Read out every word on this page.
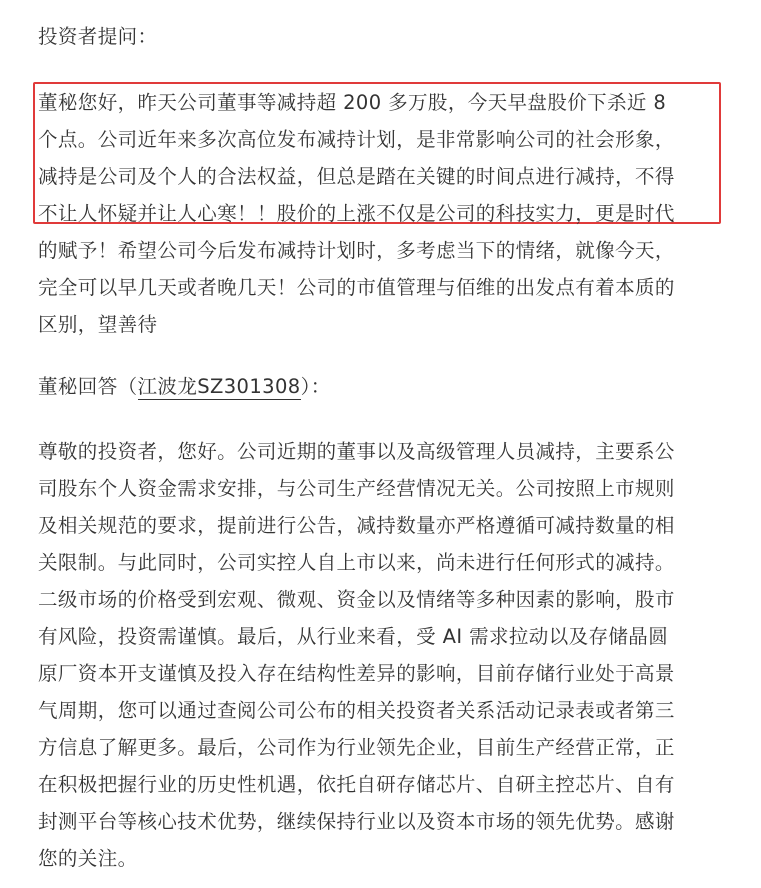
投资者提问：
董秘您好，昨天公司董事等减持超 200 多万股，今天早盘股价下杀近 8
个点。公司近年来多次高位发布减持计划，是非常影响公司的社会形象，
减持是公司及个人的合法权益，但总是踏在关键的时间点进行减持，不得
不让人怀疑并让人心寒！！股价的上涨不仅是公司的科技实力，更是时代
的赋予！希望公司今后发布减持计划时，多考虑当下的情绪，就像今天，
完全可以早几天或者晚几天！公司的市值管理与佰维的出发点有着本质的
区别，望善待
董秘回答（江波龙SZ301308）：
尊敬的投资者，您好。公司近期的董事以及高级管理人员减持，主要系公
司股东个人资金需求安排，与公司生产经营情况无关。公司按照上市规则
及相关规范的要求，提前进行公告，减持数量亦严格遵循可减持数量的相
关限制。与此同时，公司实控人自上市以来，尚未进行任何形式的减持。
二级市场的价格受到宏观、微观、资金以及情绪等多种因素的影响，股市
有风险，投资需谨慎。最后，从行业来看，受 AI 需求拉动以及存储晶圆
原厂资本开支谨慎及投入存在结构性差异的影响，目前存储行业处于高景
气周期，您可以通过查阅公司公布的相关投资者关系活动记录表或者第三
方信息了解更多。最后，公司作为行业领先企业，目前生产经营正常，正
在积极把握行业的历史性机遇，依托自研存储芯片、自研主控芯片、自有
封测平台等核心技术优势，继续保持行业以及资本市场的领先优势。感谢
您的关注。
